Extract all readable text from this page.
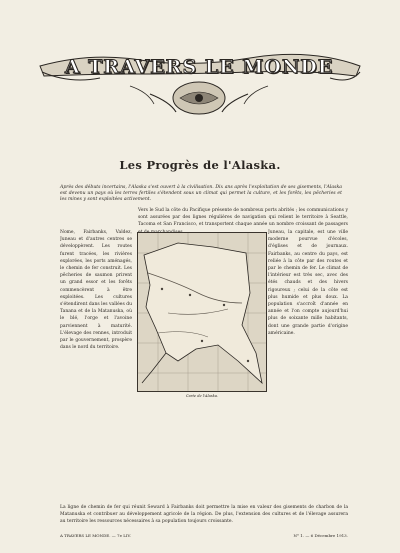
A TRAVERS LE MONDE
Les Progrès de l'Alaska.
Après des débuts incertains, l'Alaska s'est ouvert à la civilisation. Dix ans après l'exploitation de ses gisements, l'Alaska est devenu un pays où les terres fertiles s'étendent sous un climat qui permet la culture, et les forêts, les pêcheries et les mines y sont exploitées activement.
Vers le Sud la côte du Pacifique présente de nombreux ports abrités ; les communications y sont assurées par des lignes régulières de navigation qui relient le territoire à Seattle, Tacoma et San Francisco, et transportent chaque année un nombre croissant de passagers
Nome, Fairbanks, Valdez, Juneau et d'autres centres se développèrent. Les routes furent tracées, les rivières explorées, les ports aménagés, le chemin de fer construit. Les pêcheries de saumon prirent un grand essor et les forêts commencèrent à être exploitées. Les cultures s'étendirent dans les vallées du Tanana et de la Matanuska, où le blé, l'orge et l'avoine parviennent à maturité. L'élevage des rennes, introduit par le gouvernement, prospère dans le nord du territoire.
Juneau, la capitale, est une ville moderne pourvue d'écoles, d'églises et de journaux. Fairbanks, au centre du pays, est reliée à la côte par des routes et par le chemin de fer. Le climat de l'intérieur est très sec, avec des étés chauds et des hivers rigoureux ; celui de la côte est plus humide et plus doux. La population s'accroît d'année en année et l'on compte aujourd'hui plus de soixante mille habitants, dont une grande partie d'origine américaine.
Carte de l'Alaska.
La ligne de chemin de fer qui réunit Seward à Fairbanks doit permettre la mise en valeur des gisements de charbon de la Matanuska et contribuer au développement agricole de la région. De plus, l'extension des cultures et de l'élevage assurera au territoire les ressources nécessaires à sa population toujours croissante.
A TRAVERS LE MONDE. — 7e LIV.	N° 1. — 6 Décembre 1913.
